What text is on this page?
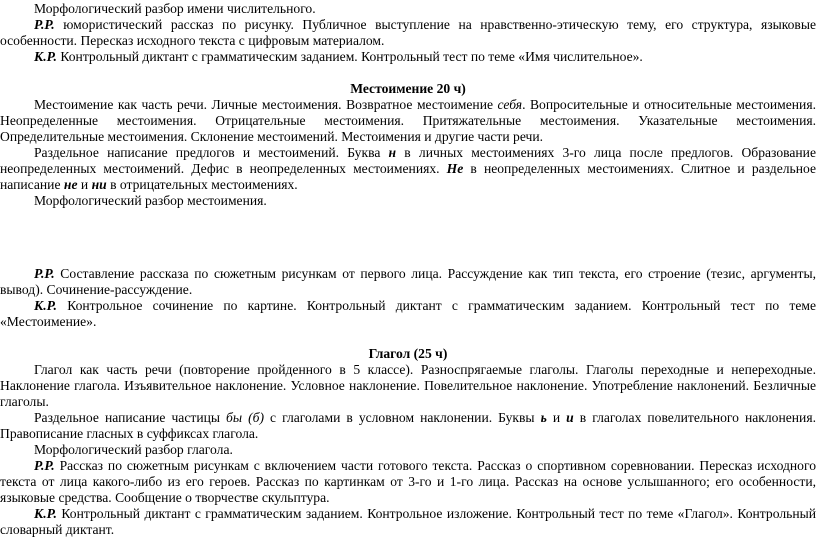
Морфологический разбор имени числительного.
Р.Р. юмористический рассказ по рисунку. Публичное выступление на нравственно-этическую тему, его структура, языковые
особенности. Пересказ исходного текста с цифровым материалом.
К.Р. Контрольный диктант с грамматическим заданием. Контрольный тест по теме «Имя числительное».
Местоимение 20 ч)
Местоимение как часть речи. Личные местоимения. Возвратное местоимение себя. Вопросительные и относительные местоимения.
Неопределенные местоимения. Отрицательные местоимения. Притяжательные местоимения. Указательные местоимения.
Определительные местоимения. Склонение местоимений. Местоимения и другие части речи.
Раздельное написание предлогов и местоимений. Буква н в личных местоимениях 3-го лица после предлогов. Образование
неопределенных местоимений. Дефис в неопределенных местоимениях. Не в неопределенных местоимениях. Слитное и раздельное
написание не и ни в отрицательных местоимениях.
Морфологический разбор местоимения.
Р.Р. Составление рассказа по сюжетным рисункам от первого лица. Рассуждение как тип текста, его строение (тезис, аргументы,
вывод). Сочинение-рассуждение.
К.Р. Контрольное сочинение по картине. Контрольный диктант с грамматическим заданием. Контрольный тест по теме
«Местоимение».
Глагол (25 ч)
Глагол как часть речи (повторение пройденного в 5 классе). Разноспрягаемые глаголы. Глаголы переходные и непереходные.
Наклонение глагола. Изъявительное наклонение. Условное наклонение. Повелительное наклонение. Употребление наклонений. Безличные
глаголы.
Раздельное написание частицы бы (б) с глаголами в условном наклонении. Буквы ь и и в глаголах повелительного наклонения.
Правописание гласных в суффиксах глагола.
Морфологический разбор глагола.
Р.Р. Рассказ по сюжетным рисункам с включением части готового текста. Рассказ о спортивном соревновании. Пересказ исходного
текста от лица какого-либо из его героев. Рассказ по картинкам от 3-го и 1-го лица. Рассказ на основе услышанного; его особенности,
языковые средства. Сообщение о творчестве скульптура.
К.Р. Контрольный диктант с грамматическим заданием. Контрольное изложение. Контрольный тест по теме «Глагол». Контрольный
словарный диктант.
